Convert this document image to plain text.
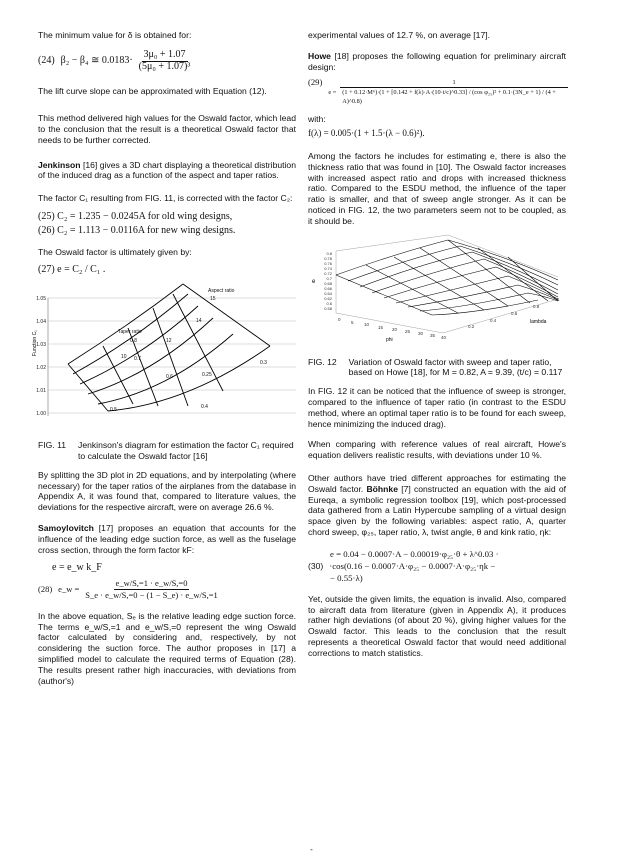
The minimum value for δ is obtained for:

(24) β₂ − β₄ ≅ $0.0183\cdot \frac{\text{3μ₀ + 1.07}}{\text{(5μ₀ + 1.07)³}}$

The lift curve slope can be approximated with Equation (12).

This method delivered high values for the Oswald factor, which lead to the conclusion that the result is a theoretical Oswald factor that needs to be further corrected.

Jenkinson [16] gives a 3D chart displaying a theoretical distribution of the induced drag as a function of the aspect and taper ratios.

The factor C₁ resulting from FIG. 11, is corrected with the factor C₂:

(25) C₂ = 1.235 − 0.0245A for old wing designs,

(26) C₂ = 1.113 − 0.0116A for new wing designs.

The Oswald factor is ultimately given by:

(27) e = C₂ / C₁ .

1.05
1.04
1.03
1.02
1.01
1.00
Function C₁	Taper ratio
0.8
0.7
0.6
0.5	0.4
0.3
0.25
Aspect ratio
15
14
12
10
FIG. 11 Jenkinson's diagram for estimation the factor C₁ required to calculate the Oswald factor [16]

By splitting the 3D plot in 2D equations, and by interpolating (where necessary) for the taper ratios of the airplanes from the database in Appendix A, it was found that, compared to literature values, the deviations for the respective aircraft, were on average 26.6 %.

Samoylovitch [17] proposes an equation that accounts for the influence of the leading edge suction force, as well as the fuselage cross section, through the form factor kF:

e = e_w k_F

(28) e_w = $\frac{e\_w/S,=1 \cdot e\_w/S,=0}{S\_e \cdot e\_w/S,=0 - (1 - S\_e) \cdot e\_w/S,=1}$

In the above equation, Sₑ is the relative leading edge suction force. The terms e_w/S,=1 and e_w/S,=0 represent the wing Oswald factor calculated by considering and, respectively, by not considering the suction force. The author proposes in [17] a simplified model to calculate the required terms of Equation (28). The results present rather high inaccuracies, with deviations from (author's)

experimental values of 12.7 %, on average [17].

Howe [18] proposes the following equation for preliminary aircraft design:

(29)
e =
1
(1 + 0.12·M⁶)·(1 + [0.142 + f(λ)·A·(10·t/c)^0.33] / (cos φ₂₅)² + 0.1·(3N_e + 1) / (4 + A)^0.8)

with:

f(λ) = 0.005·(1 + 1.5·(λ − 0.6)²).

Among the factors he includes for estimating e, there is also the thickness ratio that was found in [10]. The Oswald factor increases with increased aspect ratio and drops with increased thickness ratio. Compared to the ESDU method, the influence of the taper ratio is smaller, and that of sweep angle stronger. As it can be noticed in FIG. 12, the two parameters seem not to be coupled, as it should be.

0.8
0.78
0.76
0.74
0.72
0.7
0.68
0.66
0.64
0.62
0.6
0.58
e
0
5 10
15 20 25 30 35 40
phi
0.2
0.4
0.6
0.8
1
lambda
FIG. 12 Variation of Oswald factor with sweep and taper ratio, based on Howe [18], for M = 0.82, A = 9.39, (t/c) = 0.117

In FIG. 12 it can be noticed that the influence of sweep is stronger, compared to the influence of taper ratio (in contrast to the ESDU method, where an optimal taper ratio is to be found for each sweep, hence minimizing the induced drag).

When comparing with reference values of real aircraft, Howe's equation delivers realistic results, with deviations under 10 %.

Other authors have tried different approaches for estimating the Oswald factor. Böhnke [7] constructed an equation with the aid of Eureqa, a symbolic regression toolbox [19], which post-processed data gathered from a Latin Hypercube sampling of a virtual design space given by the following variables: aspect ratio, A, quarter chord sweep, φ₂₅, taper ratio, λ, twist angle, θ and kink ratio, ηk:

e = 0.04 − 0.0007·A − 0.00019·φ₂₅·θ + λ^0.03 ·
(30) ·cos(0.16 − 0.0007·A·φ₂₅ − 0.0007·A·φ₂₅·ηk −
− 0.55·λ)

Yet, outside the given limits, the equation is invalid. Also, compared to aircraft data from literature (given in Appendix A), it produces rather high deviations (of about 20 %), giving higher values for the Oswald factor. This leads to the conclusion that the result represents a theoretical Oswald factor that would need additional corrections to match statistics.

-
